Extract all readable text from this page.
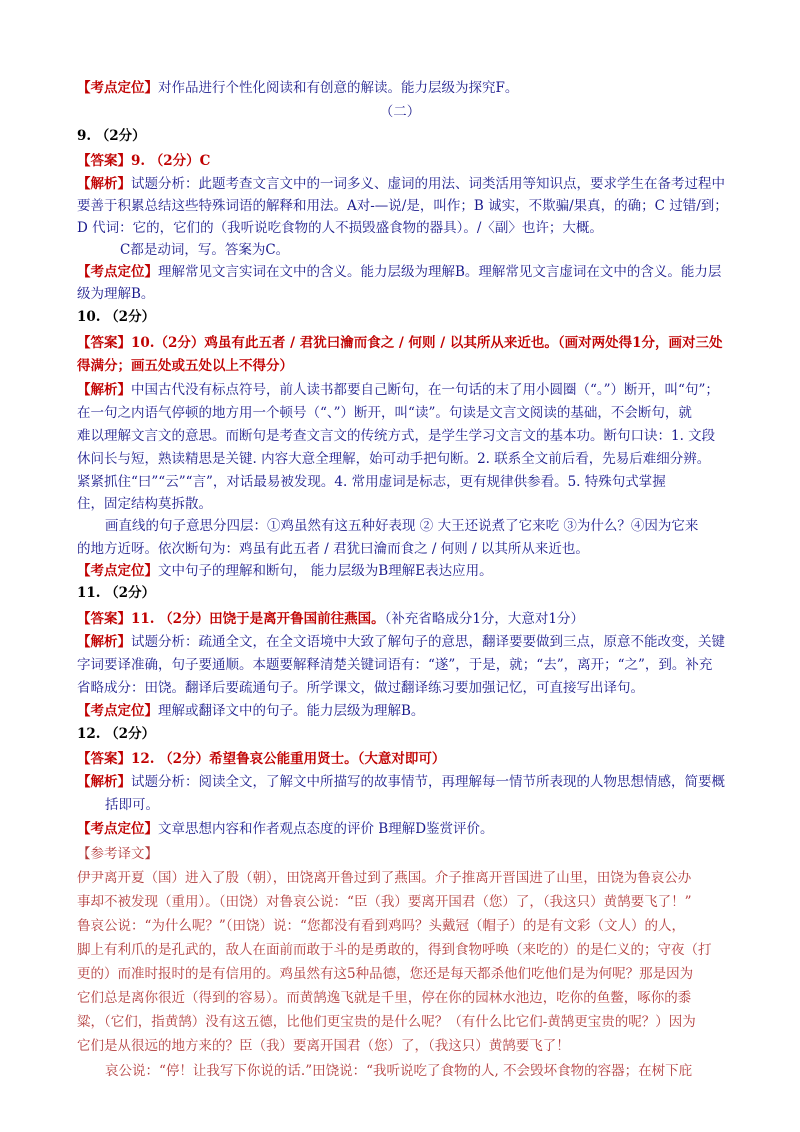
【考点定位】对作品进行个性化阅读和有创意的解读。能力层级为探究F。
（二）
9. （2分）
【答案】9. （2分）C
【解析】试题分析：此题考查文言文中的一词多义、虚词的用法、词类活用等知识点，要求学生在备考过程中
要善于积累总结这些特殊词语的解释和用法。A对-—说/是，叫作；B 诚实，不欺骗/果真，的确；C 过错/到；
D 代词：它的，它们的（我听说吃食物的人不损毁盛食物的器具）。/〈副〉也许；大概。
C都是动词，写。答案为C。
【考点定位】理解常见文言实词在文中的含义。能力层级为理解B。理解常见文言虚词在文中的含义。能力层
级为理解B。
10. （2分）
【答案】10.（2分）鸡虽有此五者 / 君犹曰瀹而食之 / 何则 / 以其所从来近也。（画对两处得1分，画对三处
得满分；画五处或五处以上不得分）
【解析】中国古代没有标点符号，前人读书都要自己断句，在一句话的末了用小圆圈（“。”）断开，叫“句”；
在一句之内语气停顿的地方用一个顿号（“、”）断开，叫“读”。句读是文言文阅读的基础，不会断句，就
难以理解文言文的意思。而断句是考查文言文的传统方式，是学生学习文言文的基本功。断句口诀：1. 文段
休问长与短，熟读精思是关键. 内容大意全理解，始可动手把句断。2. 联系全文前后看，先易后难细分辨。
紧紧抓住“曰”“云”“言”，对话最易被发现。4. 常用虚词是标志，更有规律供参看。5. 特殊句式掌握
住，固定结构莫拆散。
画直线的句子意思分四层：①鸡虽然有这五种好表现 ② 大王还说煮了它来吃 ③为什么？④因为它来
的地方近呀。依次断句为：鸡虽有此五者 / 君犹曰瀹而食之 / 何则 / 以其所从来近也。
【考点定位】文中句子的理解和断句， 能力层级为B理解E表达应用。
11. （2分）
【答案】11. （2分）田饶于是离开鲁国前往燕国。（补充省略成分1分，大意对1分）
【解析】试题分析：疏通全文，在全文语境中大致了解句子的意思，翻译要要做到三点，原意不能改变，关键
字词要译准确，句子要通顺。本题要解释清楚关键词语有：“遂”，于是，就；“去”，离开；“之”，到。补充
省略成分：田饶。翻译后要疏通句子。所学课文，做过翻译练习要加强记忆，可直接写出译句。
【考点定位】理解或翻译文中的句子。能力层级为理解B。
12. （2分）
【答案】12. （2分）希望鲁哀公能重用贤士。（大意对即可）
【解析】试题分析：阅读全文，了解文中所描写的故事情节，再理解每一情节所表现的人物思想情感，简要概
括即可。
【考点定位】文章思想内容和作者观点态度的评价 B理解D鉴赏评价。
【参考译文】
伊尹离开夏（国）进入了殷（朝），田饶离开鲁过到了燕国。介子推离开晋国进了山里，田饶为鲁哀公办
事却不被发现（重用）。（田饶）对鲁哀公说：“臣（我）要离开国君（您）了，（我这只）黄鹄要飞了！”
鲁哀公说：“为什么呢？”（田饶）说：“您都没有看到鸡吗？头戴冠（帽子）的是有文彩（文人）的人，
脚上有利爪的是孔武的，敌人在面前而敢于斗的是勇敢的，得到食物呼唤（来吃的）的是仁义的；守夜（打
更的）而准时报时的是有信用的。鸡虽然有这5种品德，您还是每天都杀他们吃他们是为何呢？那是因为
它们总是离你很近（得到的容易）。而黄鹄逸飞就是千里，停在你的园林水池边，吃你的鱼鳖，啄你的黍
粱，（它们，指黄鹄）没有这五德，比他们更宝贵的是什么呢？（有什么比它们-黄鹄更宝贵的呢？）因为
它们是从很远的地方来的？臣（我）要离开国君（您）了，（我这只）黄鹄要飞了！
哀公说：“停！让我写下你说的话.”田饶说：“我听说吃了食物的人, 不会毁坏食物的容器；在树下庇
